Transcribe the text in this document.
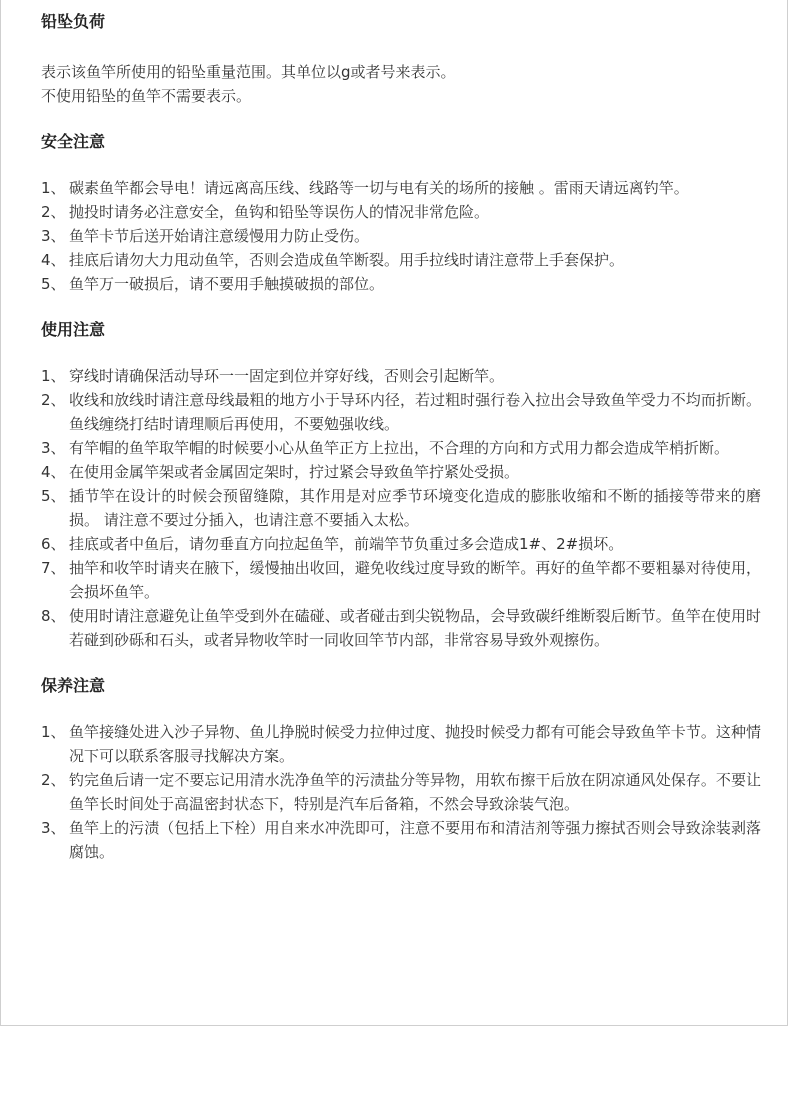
铅坠负荷

表示该鱼竿所使用的铅坠重量范围。其单位以g或者号来表示。

不使用铅坠的鱼竿不需要表示。

安全注意
1、 碳素鱼竿都会导电！请远离高压线、线路等一切与电有关的场所的接触 。雷雨天请远离钓竿。
2、 抛投时请务必注意安全，鱼钩和铅坠等误伤人的情况非常危险。
3、 鱼竿卡节后送开始请注意缓慢用力防止受伤。
4、 挂底后请勿大力甩动鱼竿，否则会造成鱼竿断裂。用手拉线时请注意带上手套保护。
5、 鱼竿万一破损后，请不要用手触摸破损的部位。
使用注意
1、 穿线时请确保活动导环一一固定到位并穿好线，否则会引起断竿。
2、 收线和放线时请注意母线最粗的地方小于导环内径，若过粗时强行卷入拉出会导致鱼竿受力不均而折断。鱼线缠绕打结时请理顺后再使用，不要勉强收线。
3、 有竿帽的鱼竿取竿帽的时候要小心从鱼竿正方上拉出，不合理的方向和方式用力都会造成竿梢折断。
4、 在使用金属竿架或者金属固定架时，拧过紧会导致鱼竿拧紧处受损。
5、 插节竿在设计的时候会预留缝隙，其作用是对应季节环境变化造成的膨胀收缩和不断的插接等带来的磨损。 请注意不要过分插入，也请注意不要插入太松。
6、 挂底或者中鱼后，请勿垂直方向拉起鱼竿，前端竿节负重过多会造成1#、2#损坏。
7、 抽竿和收竿时请夹在腋下，缓慢抽出收回，避免收线过度导致的断竿。再好的鱼竿都不要粗暴对待使用，会损坏鱼竿。
8、 使用时请注意避免让鱼竿受到外在磕碰、或者碰击到尖锐物品，会导致碳纤维断裂后断节。鱼竿在使用时若碰到砂砾和石头，或者异物收竿时一同收回竿节内部，非常容易导致外观擦伤。
保养注意
1、 鱼竿接缝处进入沙子异物、鱼儿挣脱时候受力拉伸过度、抛投时候受力都有可能会导致鱼竿卡节。这种情况下可以联系客服寻找解决方案。
2、 钓完鱼后请一定不要忘记用清水洗净鱼竿的污渍盐分等异物，用软布擦干后放在阴凉通风处保存。不要让鱼竿长时间处于高温密封状态下，特别是汽车后备箱，不然会导致涂装气泡。
3、 鱼竿上的污渍（包括上下栓）用自来水冲洗即可，注意不要用布和清洁剂等强力擦拭否则会导致涂装剥落腐蚀。
